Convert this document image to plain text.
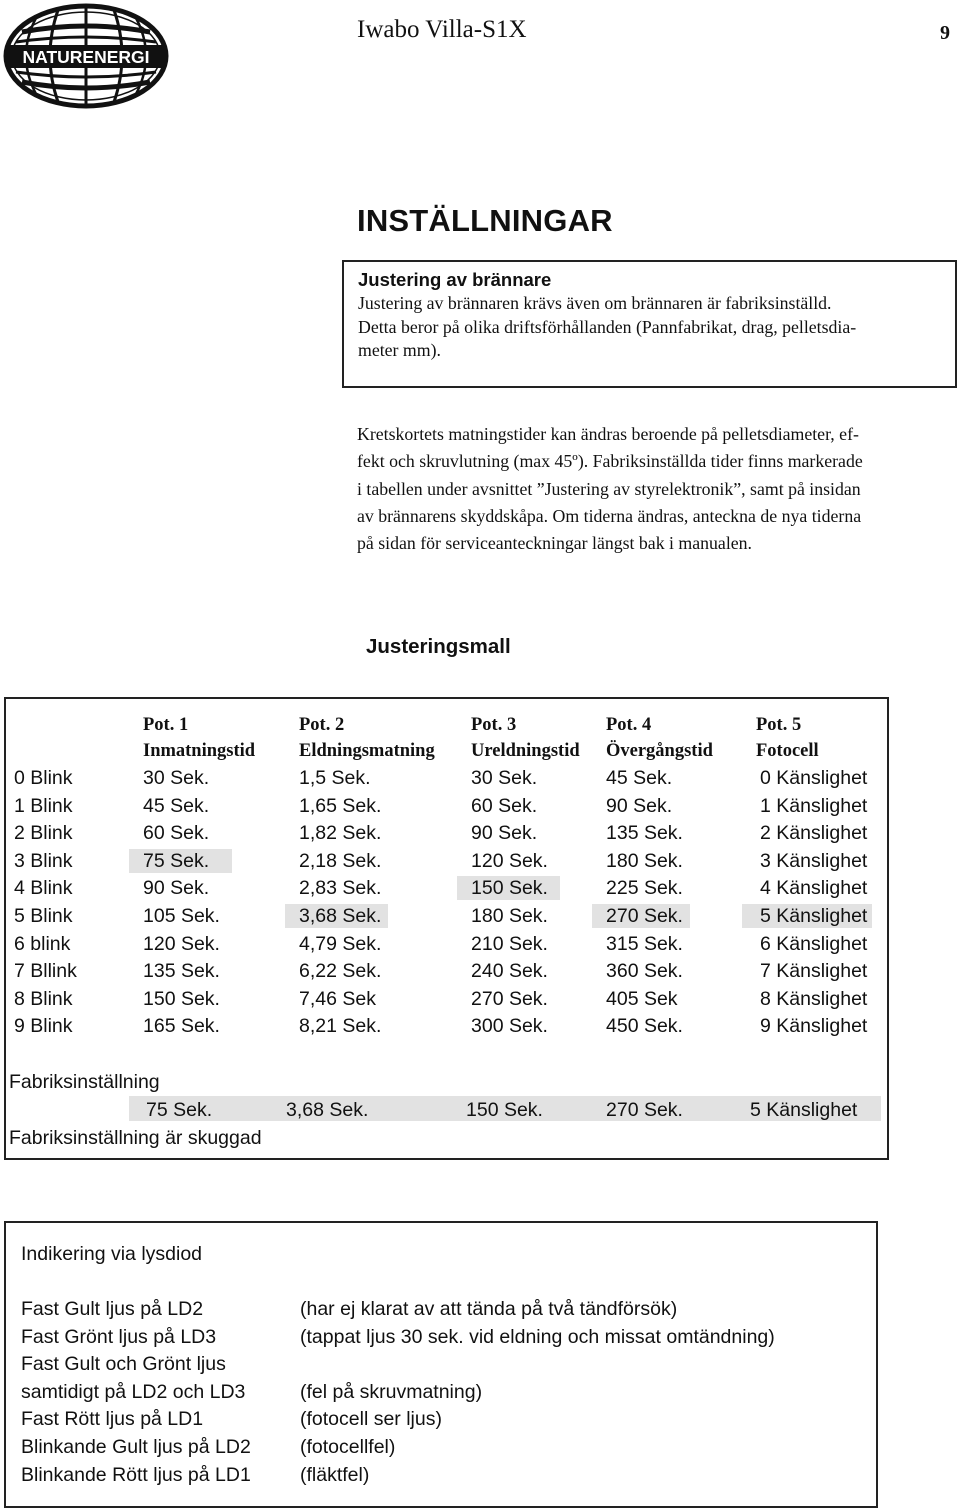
NATURENERGI
Iwabo Villa-S1X	9
INSTÄLLNINGAR
Justering av brännare
Justering av brännaren krävs även om brännaren är fabriksinställd.
Detta beror på olika driftsförhållanden (Pannfabrikat, drag, pelletsdia-
meter mm).
Kretskortets matningstider kan ändras beroende på pelletsdiameter, ef-
fekt och skruvlutning (max 45º). Fabriksinställda tider finns markerade
i tabellen under avsnittet ”Justering av styrelektronik”, samt på insidan
av brännarens skyddskåpa. Om tiderna ändras, anteckna de nya tiderna
på sidan för serviceanteckningar längst bak i manualen.
Justeringsmall
Pot. 1	Pot. 2	Pot. 3	Pot. 4	Pot. 5
Inmatningstid Eldningsmatning Ureldningstid Övergångstid Fotocell
0 Blink	30 Sek.	1,5 Sek.	30 Sek.	45 Sek.	0 Känslighet
1 Blink	45 Sek.	1,65 Sek.	60 Sek.	90 Sek.	1 Känslighet
2 Blink	60 Sek.	1,82 Sek.	90 Sek.	135 Sek.	2 Känslighet
3 Blink	75 Sek.	2,18 Sek.	120 Sek.	180 Sek.	3 Känslighet
4 Blink	90 Sek.	2,83 Sek.	150 Sek.	225 Sek.	4 Känslighet
5 Blink	105 Sek.	3,68 Sek.	180 Sek.	270 Sek.	5 Känslighet
6 blink	120 Sek.	4,79 Sek.	210 Sek.	315 Sek.	6 Känslighet
7 Bllink	135 Sek.	6,22 Sek.	240 Sek.	360 Sek.	7 Känslighet
8 Blink	150 Sek.	7,46 Sek	270 Sek.	405 Sek	8 Känslighet
9 Blink	165 Sek.	8,21 Sek.	300 Sek.	450 Sek.	9 Känslighet
Fabriksinställning
75 Sek.	3,68 Sek.	150 Sek.	270 Sek.	5 Känslighet
Fabriksinställning är skuggad
Indikering via lysdiod
Fast Gult ljus på LD2	(har ej klarat av att tända på två tändförsök)
Fast Grönt ljus på LD3	(tappat ljus 30 sek. vid eldning och missat omtändning)
Fast Gult och Grönt ljus
samtidigt på LD2 och LD3	(fel på skruvmatning)
Fast Rött ljus på LD1	(fotocell ser ljus)
Blinkande Gult ljus på LD2	(fotocellfel)
Blinkande Rött ljus på LD1	(fläktfel)
